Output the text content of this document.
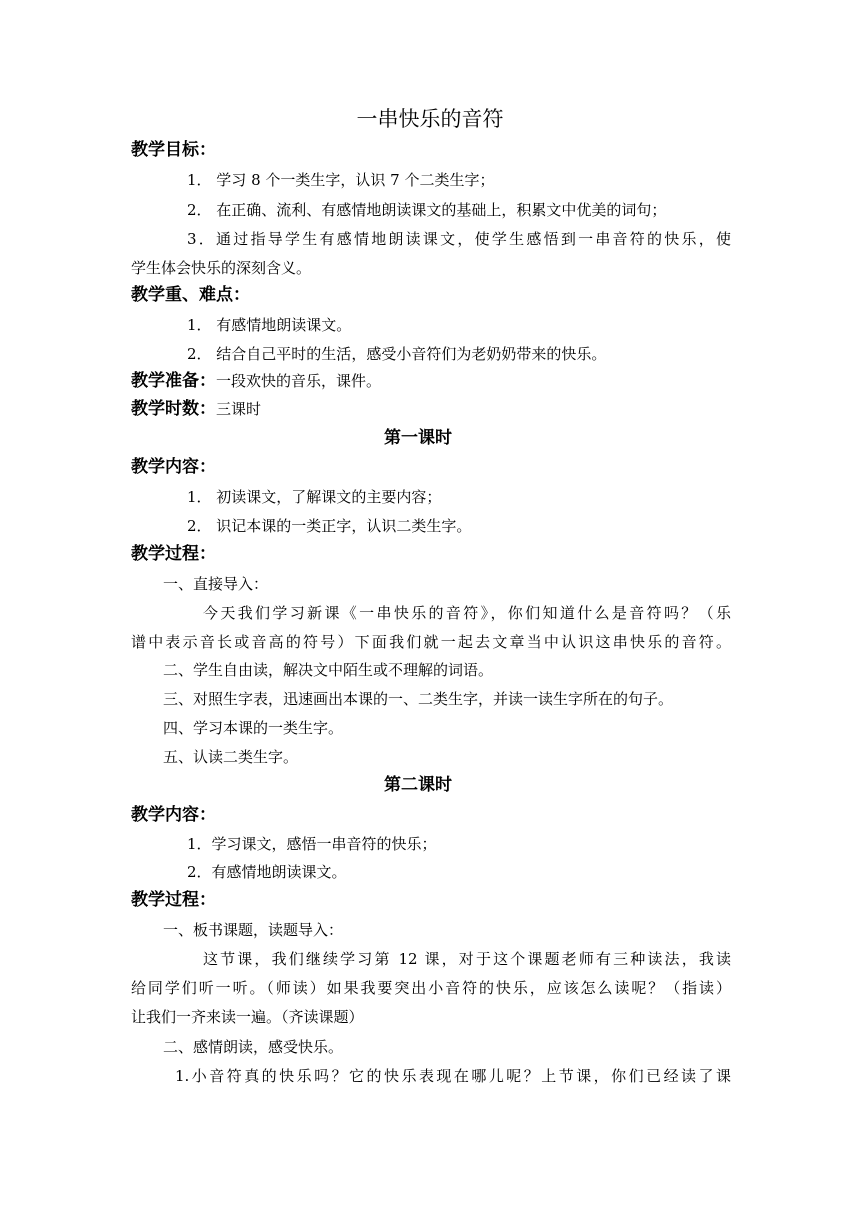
一串快乐的音符
教学目标：
1． 学习 8 个一类生字，认识 7 个二类生字；
2． 在正确、流利、有感情地朗读课文的基础上，积累文中优美的词句；
3．通过指导学生有感情地朗读课文，使学生感悟到一串音符的快乐，使
学生体会快乐的深刻含义。
教学重、难点：
1． 有感情地朗读课文。
2． 结合自己平时的生活，感受小音符们为老奶奶带来的快乐。
教学准备：一段欢快的音乐，课件。
教学时数：三课时
第一课时
教学内容：
1． 初读课文，了解课文的主要内容；
2． 识记本课的一类正字，认识二类生字。
教学过程：
一、直接导入：
今天我们学习新课《一串快乐的音符》，你们知道什么是音符吗？（乐
谱中表示音长或音高的符号）下面我们就一起去文章当中认识这串快乐的音符。
二、学生自由读，解决文中陌生或不理解的词语。
三、对照生字表，迅速画出本课的一、二类生字，并读一读生字所在的句子。
四、学习本课的一类生字。
五、认读二类生字。
第二课时
教学内容：
1．学习课文，感悟一串音符的快乐；
2．有感情地朗读课文。
教学过程：
一、板书课题，读题导入：
这节课，我们继续学习第 12 课，对于这个课题老师有三种读法，我读
给同学们听一听。（师读）如果我要突出小音符的快乐，应该怎么读呢？（指读）
让我们一齐来读一遍。（齐读课题）
二、感情朗读，感受快乐。
1.小音符真的快乐吗？它的快乐表现在哪儿呢？上节课，你们已经读了课
